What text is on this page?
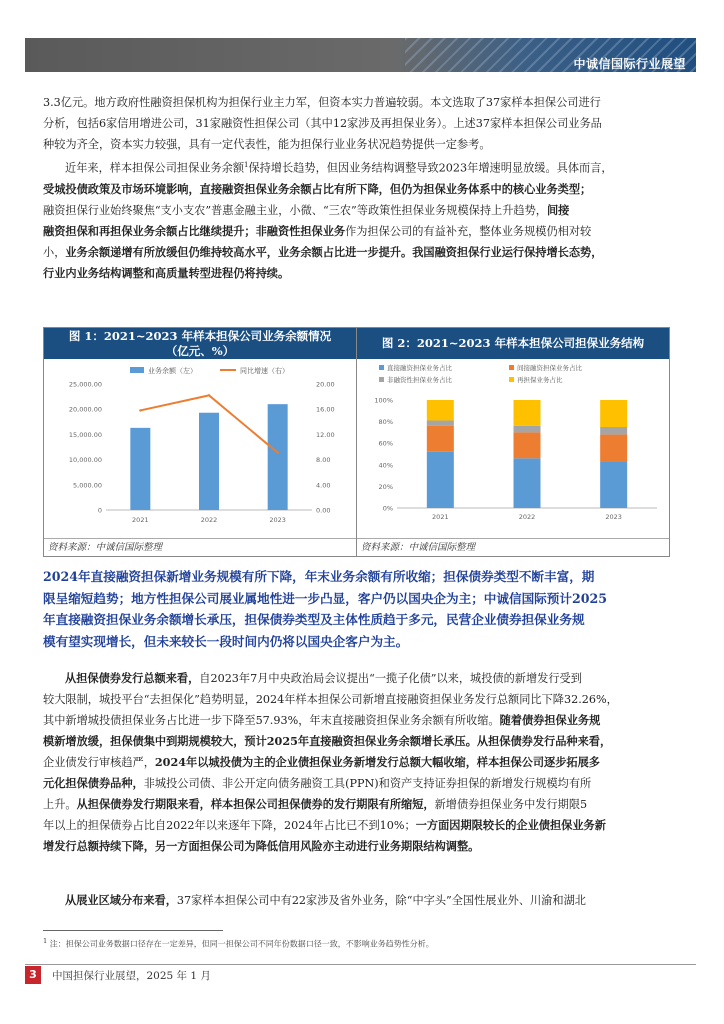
中诚信国际行业展望

3.3亿元。地方政府性融资担保机构为担保行业主力军，但资本实力普遍较弱。本文选取了37家样本担保公司进行
分析，包括6家信用增进公司，31家融资性担保公司（其中12家涉及再担保业务）。上述37家样本担保公司业务品
种较为齐全，资本实力较强，具有一定代表性，能为担保行业业务状况趋势提供一定参考。

近年来，样本担保公司担保业务余额$^1$保持增长趋势，但因业务结构调整导致2023年增速明显放缓。具体而言，
受城投债政策及市场环境影响，直接融资担保业务余额占比有所下降，但仍为担保业务体系中的核心业务类型；
融资担保行业始终聚焦“支小支农”普惠金融主业，小微、“三农”等政策性担保业务规模保持上升趋势，间接
融资担保和再担保业务余额占比继续提升；非融资性担保业务作为担保公司的有益补充，整体业务规模仍相对较
小，业务余额递增有所放缓但仍维持较高水平，业务余额占比进一步提升。我国融资担保行业运行保持增长态势，
行业内业务结构调整和高质量转型进程仍将持续。

图 1：2021~2023 年样本担保公司业务余额情况
（亿元、%）
业务余额（左）	同比增速（右）
0
5,000.00
10,000.00
15,000.00
20,000.00
25,000.00
0.00
4.00
8.00
12.00
16.00
20.00
2021	2022	2023
资料来源：中诚信国际整理
图 2：2021~2023 年样本担保公司担保业务结构
直接融资担保业务占比	间接融资担保业务占比
非融资性担保业务占比	再担保业务占比
0%
20%
40%
60%
80%
100%
2021	2022	2023
资料来源：中诚信国际整理

2024年直接融资担保新增业务规模有所下降，年末业务余额有所收缩；担保债券类型不断丰富，期
限呈缩短趋势；地方性担保公司展业属地性进一步凸显，客户仍以国央企为主；中诚信国际预计2025
年直接融资担保业务余额增长承压，担保债券类型及主体性质趋于多元，民营企业债券担保业务规
模有望实现增长，但未来较长一段时间内仍将以国央企客户为主。

从担保债券发行总额来看，自2023年7月中央政治局会议提出“一揽子化债”以来，城投债的新增发行受到
较大限制，城投平台“去担保化”趋势明显，2024年样本担保公司新增直接融资担保业务发行总额同比下降32.26%，
其中新增城投债担保业务占比进一步下降至57.93%，年末直接融资担保业务余额有所收缩。随着债券担保业务规
模新增放缓，担保债集中到期规模较大，预计2025年直接融资担保业务余额增长承压。从担保债券发行品种来看，
企业债发行审核趋严，2024年以城投债为主的企业债担保业务新增发行总额大幅收缩，样本担保公司逐步拓展多
元化担保债券品种，非城投公司债、非公开定向债务融资工具(PPN)和资产支持证券担保的新增发行规模均有所
上升。从担保债券发行期限来看，样本担保公司担保债券的发行期限有所缩短，新增债券担保业务中发行期限5
年以上的担保债券占比自2022年以来逐年下降，2024年占比已不到10%；一方面因期限较长的企业债担保业务新
增发行总额持续下降，另一方面担保公司为降低信用风险亦主动进行业务期限结构调整。

从展业区域分布来看，37家样本担保公司中有22家涉及省外业务，除“中字头”全国性展业外、川渝和湖北

$^1$ 注：担保公司业务数据口径存在一定差异，但同一担保公司不同年份数据口径一致，不影响业务趋势性分析。
3	中国担保行业展望，2025 年 1 月
